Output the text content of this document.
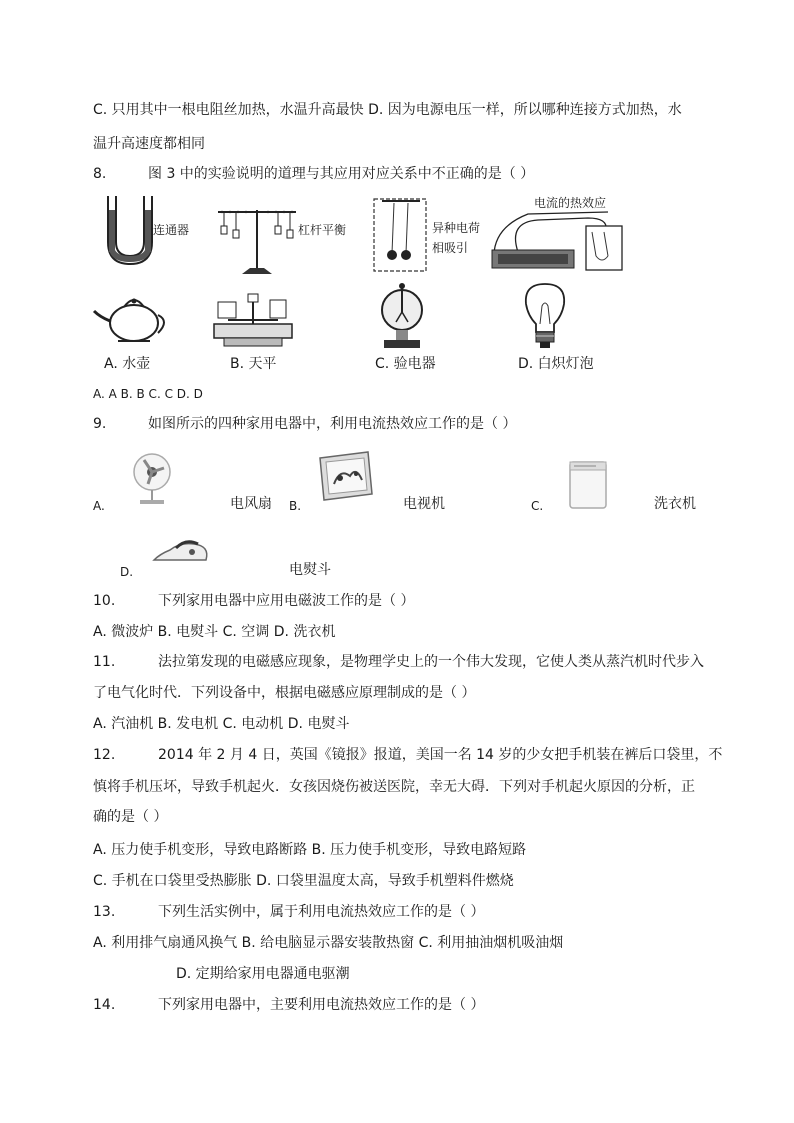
C. 只用其中一根电阻丝加热，水温升高最快 D. 因为电源电压一样，所以哪种连接方式加热，水
温升高速度都相同
8.	图 3 中的实验说明的道理与其应用对应关系中不正确的是（ ）
连通器	杠杆平衡	异种电荷
相吸引
电流的热效应
A. 水壶	B. 天平	C. 验电器	D. 白炽灯泡
A. A B. B C. C D. D
9.	如图所示的四种家用电器中，利用电流热效应工作的是（ ）
A.	电风扇 B.	电视机	C.	洗衣机
D.	电熨斗
10.	下列家用电器中应用电磁波工作的是（ ）
A. 微波炉 B. 电熨斗 C. 空调 D. 洗衣机
11.	法拉第发现的电磁感应现象，是物理学史上的一个伟大发现，它使人类从蒸汽机时代步入
了电气化时代．下列设备中，根据电磁感应原理制成的是（ ）
A. 汽油机 B. 发电机 C. 电动机 D. 电熨斗
12.	2014 年 2 月 4 日，英国《镜报》报道，美国一名 14 岁的少女把手机装在裤后口袋里，不
慎将手机压坏，导致手机起火．女孩因烧伤被送医院，幸无大碍．下列对手机起火原因的分析，正
确的是（ ）
A. 压力使手机变形，导致电路断路 B. 压力使手机变形，导致电路短路
C. 手机在口袋里受热膨胀 D. 口袋里温度太高，导致手机塑料件燃烧
13.	下列生活实例中，属于利用电流热效应工作的是（ ）
A. 利用排气扇通风换气 B. 给电脑显示器安装散热窗 C. 利用抽油烟机吸油烟
D. 定期给家用电器通电驱潮
14.	下列家用电器中，主要利用电流热效应工作的是（ ）
